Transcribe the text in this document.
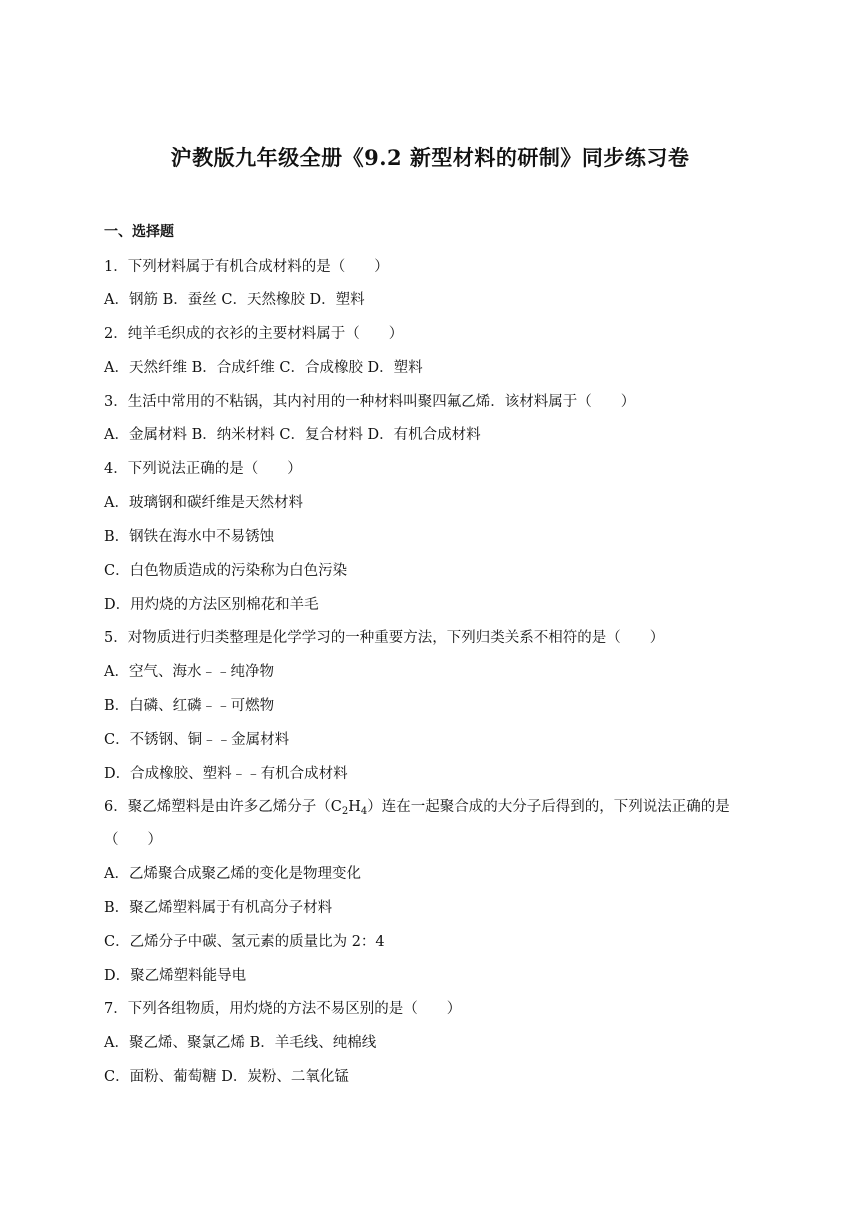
沪教版九年级全册《9.2 新型材料的研制》同步练习卷
一、选择题
1．下列材料属于有机合成材料的是（　　）
A．钢筋 B．蚕丝 C．天然橡胶 D．塑料
2．纯羊毛织成的衣衫的主要材料属于（　　）
A．天然纤维 B．合成纤维 C．合成橡胶 D．塑料
3．生活中常用的不粘锅，其内衬用的一种材料叫聚四氟乙烯．该材料属于（　　）
A．金属材料 B．纳米材料 C．复合材料 D．有机合成材料
4．下列说法正确的是（　　）
A．玻璃钢和碳纤维是天然材料
B．钢铁在海水中不易锈蚀
C．白色物质造成的污染称为白色污染
D．用灼烧的方法区别棉花和羊毛
5．对物质进行归类整理是化学学习的一种重要方法，下列归类关系不相符的是（　　）
A．空气、海水﹣﹣纯净物
B．白磷、红磷﹣﹣可燃物
C．不锈钢、铜﹣﹣金属材料
D．合成橡胶、塑料﹣﹣有机合成材料
6．聚乙烯塑料是由许多乙烯分子$(C_2H_4)$连在一起聚合成的大分子后得到的，下列说法正确的是
（　　）
A．乙烯聚合成聚乙烯的变化是物理变化
B．聚乙烯塑料属于有机高分子材料
C．乙烯分子中碳、氢元素的质量比为 2：4
D．聚乙烯塑料能导电
7．下列各组物质，用灼烧的方法不易区别的是（　　）
A．聚乙烯、聚氯乙烯 B．羊毛线、纯棉线
C．面粉、葡萄糖 D．炭粉、二氧化锰
